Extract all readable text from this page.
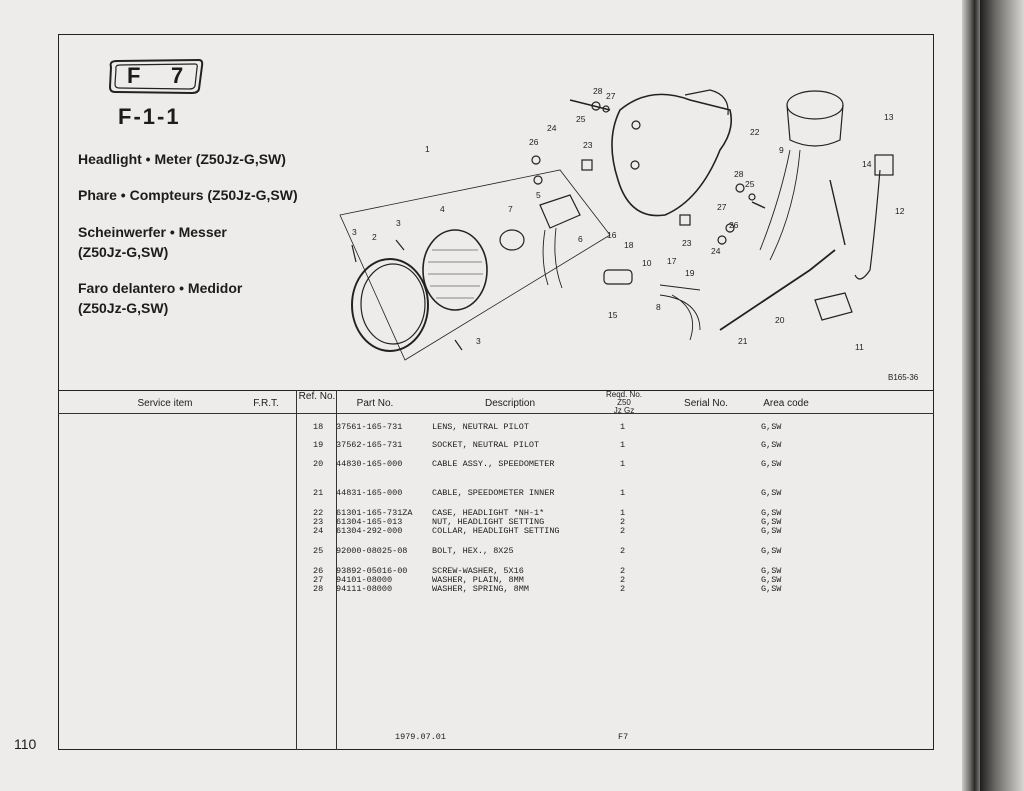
110
F 7
F-1-1
Headlight • Meter (Z50Jz-G,SW)
Phare • Compteurs (Z50Jz-G,SW)
Scheinwerfer • Messer
(Z50Jz-G,SW)
Faro delantero • Medidor
(Z50Jz-G,SW)
1
2
3
3
3
4
5
6
7
8
9
10
11
12
13
14
15
16
17
18
19
20
21
22
23
23
24
24
25
25
26
26
27
27
28
28
B165-36
Service item	F.R.T.
Ref. No.
Part No.	Description
Reqd. No.
Z50
Jz Gz
Serial No.	Area code
18 37561-165-731	LENS, NEUTRAL PILOT	1	G,SW
19 37562-165-731	SOCKET, NEUTRAL PILOT	1	G,SW
20 44830-165-000	CABLE ASSY., SPEEDOMETER	1	G,SW
21 44831-165-000	CABLE, SPEEDOMETER INNER	1	G,SW
22 61301-165-731ZA CASE, HEADLIGHT *NH-1*	1	G,SW
23 61304-165-013	NUT, HEADLIGHT SETTING	2	G,SW
24 61304-292-000	COLLAR, HEADLIGHT SETTING	2	G,SW
25 92000-08025-08	BOLT, HEX., 8X25	2	G,SW
26 93892-05016-00	SCREW-WASHER, 5X16	2	G,SW
27 94101-08000	WASHER, PLAIN, 8MM	2	G,SW
28 94111-08000	WASHER, SPRING, 8MM	2	G,SW
1979.07.01	F7
